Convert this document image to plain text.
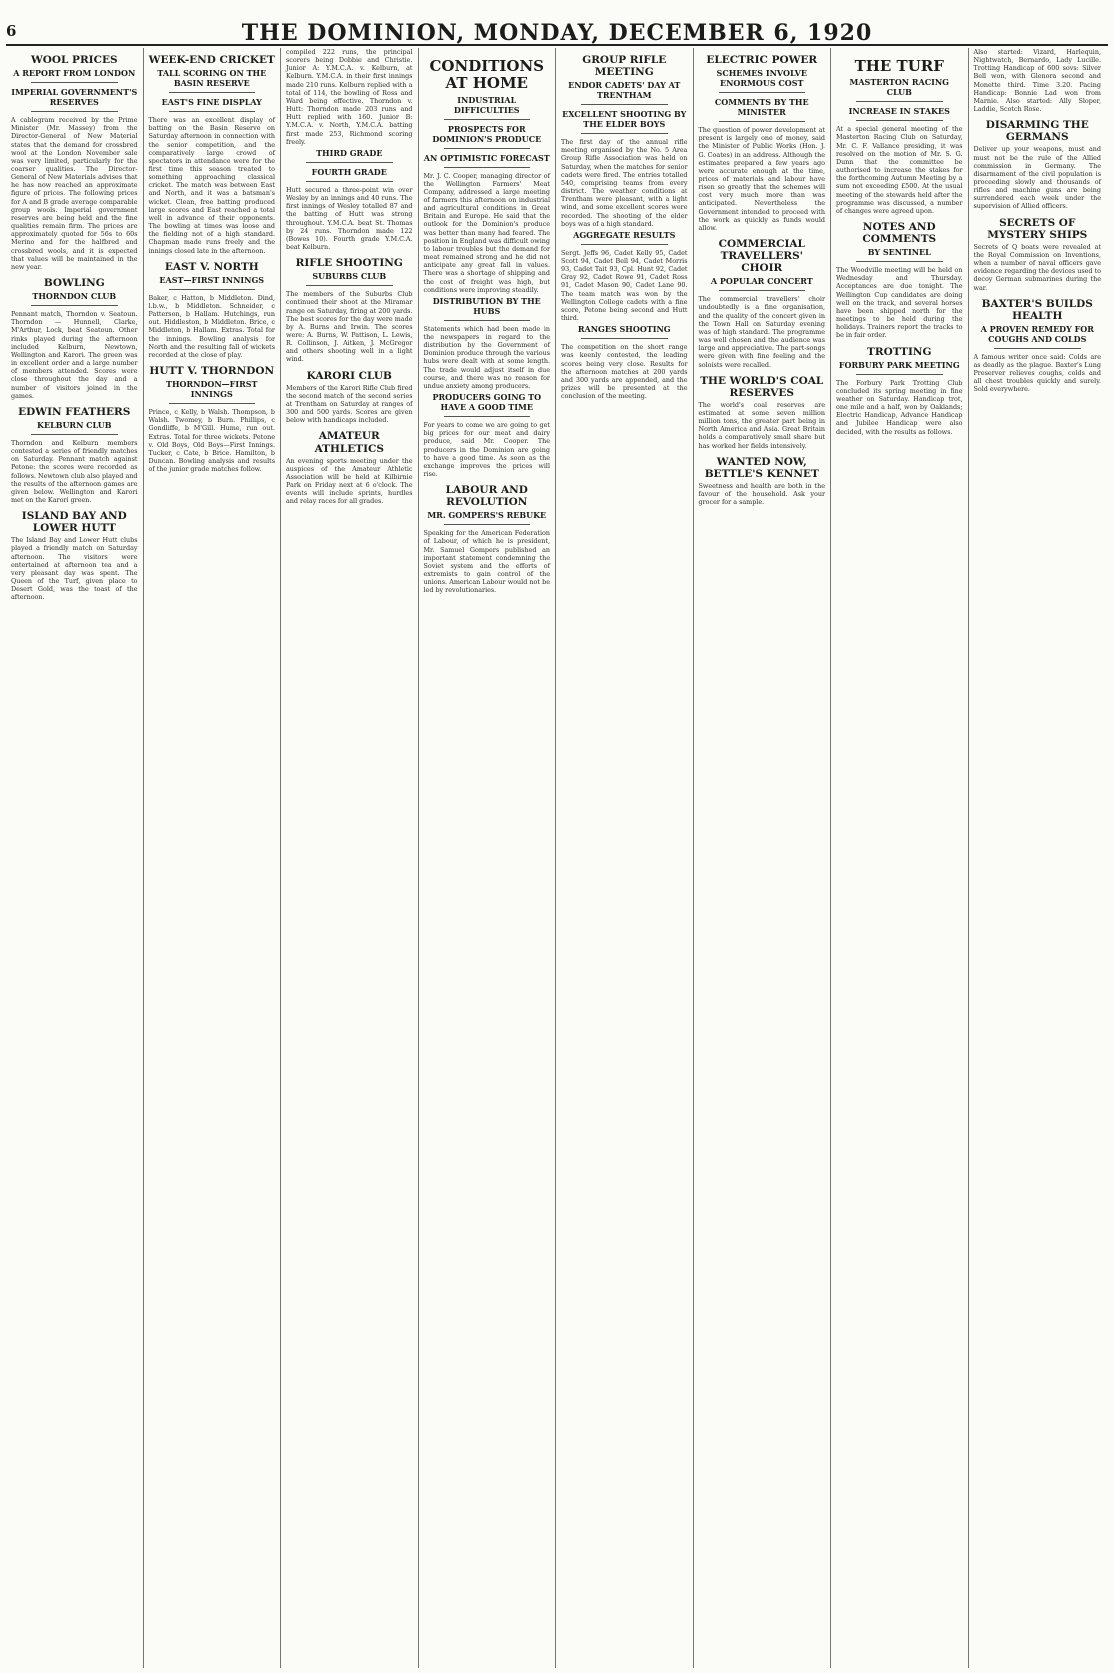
6	THE DOMINION, MONDAY, DECEMBER 6, 1920
WOOL PRICES
A REPORT FROM LONDON
IMPERIAL GOVERNMENT'S RESERVES

A cablegram received by the Prime Minister (Mr. Massey) from the Director-General of New Material states that the demand for crossbred wool at the London November sale was very limited, particularly for the coarser qualities. The Director-General of New Materials advises that he has now reached an approximate figure of prices. The following prices for A and B grade average comparable group wools. Imperial government reserves are being held and the fine qualities remain firm. The prices are approximately quoted for 56s to 60s Merino and for the halfbred and crossbred wools, and it is expected that values will be maintained in the new year.

BOWLING
THORNDON CLUB

Pennant match, Thorndon v. Seatoun. Thorndon — Hunnell, Clarke, M'Arthur, Lock, beat Seatoun. Other rinks played during the afternoon included Kelburn, Newtown, Wellington and Karori. The green was in excellent order and a large number of members attended. Scores were close throughout the day and a number of visitors joined in the games.

EDWIN FEATHERS
KELBURN CLUB

Thorndon and Kelburn members contested a series of friendly matches on Saturday. Pennant match against Petone: the scores were recorded as follows. Newtown club also played and the results of the afternoon games are given below. Wellington and Karori met on the Karori green.

ISLAND BAY AND LOWER HUTT

The Island Bay and Lower Hutt clubs played a friendly match on Saturday afternoon. The visitors were entertained at afternoon tea and a very pleasant day was spent. The Queen of the Turf, given place to Desert Gold, was the toast of the afternoon.

WEEK-END CRICKET
TALL SCORING ON THE BASIN RESERVE
EAST'S FINE DISPLAY

There was an excellent display of batting on the Basin Reserve on Saturday afternoon in connection with the senior competition, and the comparatively large crowd of spectators in attendance were for the first time this season treated to something approaching classical cricket. The match was between East and North, and it was a batsman's wicket. Clean, free batting produced large scores and East reached a total well in advance of their opponents. The bowling at times was loose and the fielding not of a high standard. Chapman made runs freely and the innings closed late in the afternoon.

EAST V. NORTH
EAST—FIRST INNINGS

Baker, c Hatton, b Middleton. Dind, l.b.w., b Middleton. Schneider, c Patterson, b Hallam. Hutchings, run out. Hiddleston, b Middleton. Brice, c Middleton, b Hallam. Extras. Total for the innings. Bowling analysis for North and the resulting fall of wickets recorded at the close of play.

HUTT V. THORNDON
THORNDON—FIRST INNINGS

Prince, c Kelly, b Walsh. Thompson, b Walsh. Twomey, b Burn. Phillips, c Gondliffe, b M'Gill. Hume, run out. Extras. Total for three wickets. Petone v. Old Boys, Old Boys—First Innings. Tucker, c Cate, b Brice. Hamilton, b Duncan. Bowling analysis and results of the junior grade matches follow.

compiled 222 runs, the principal scorers being Dobbie and Christie. Junior A: Y.M.C.A. v. Kelburn, at Kelburn. Y.M.C.A. in their first innings made 210 runs. Kelburn replied with a total of 114, the bowling of Ross and Ward being effective. Thorndon v. Hutt: Thorndon made 203 runs and Hutt replied with 160. Junior B: Y.M.C.A. v. North, Y.M.C.A. batting first made 253, Richmond scoring freely.

THIRD GRADE
FOURTH GRADE

Hutt secured a three-point win over Wesley by an innings and 40 runs. The first innings of Wesley totalled 87 and the batting of Hutt was strong throughout. Y.M.C.A. beat St. Thomas by 24 runs. Thorndon made 122 (Bowes 10). Fourth grade Y.M.C.A. beat Kelburn.

RIFLE SHOOTING
SUBURBS CLUB

The members of the Suburbs Club continued their shoot at the Miramar range on Saturday, firing at 200 yards. The best scores for the day were made by A. Burns and Irwin. The scores were: A. Burns, W. Pattison, L. Lewis, R. Collinson, J. Aitken, J. McGregor and others shooting well in a light wind.

KARORI CLUB

Members of the Karori Rifle Club fired the second match of the second series at Trentham on Saturday at ranges of 300 and 500 yards. Scores are given below with handicaps included.

AMATEUR ATHLETICS

An evening sports meeting under the auspices of the Amateur Athletic Association will be held at Kilbirnie Park on Friday next at 6 o'clock. The events will include sprints, hurdles and relay races for all grades.

CONDITIONS AT HOME
INDUSTRIAL DIFFICULTIES
PROSPECTS FOR DOMINION'S PRODUCE
AN OPTIMISTIC FORECAST

Mr. J. C. Cooper, managing director of the Wellington Farmers' Meat Company, addressed a large meeting of farmers this afternoon on industrial and agricultural conditions in Great Britain and Europe. He said that the outlook for the Dominion's produce was better than many had feared. The position in England was difficult owing to labour troubles but the demand for meat remained strong and he did not anticipate any great fall in values. There was a shortage of shipping and the cost of freight was high, but conditions were improving steadily.

DISTRIBUTION BY THE HUBS

Statements which had been made in the newspapers in regard to the distribution by the Government of Dominion produce through the various hubs were dealt with at some length. The trade would adjust itself in due course, and there was no reason for undue anxiety among producers.

PRODUCERS GOING TO HAVE A GOOD TIME

For years to come we are going to get big prices for our meat and dairy produce, said Mr. Cooper. The producers in the Dominion are going to have a good time. As soon as the exchange improves the prices will rise.

LABOUR AND REVOLUTION
MR. GOMPERS'S REBUKE

Speaking for the American Federation of Labour, of which he is president, Mr. Samuel Gompers published an important statement condemning the Soviet system and the efforts of extremists to gain control of the unions. American Labour would not be led by revolutionaries.

GROUP RIFLE MEETING
ENDOR CADETS' DAY AT TRENTHAM
EXCELLENT SHOOTING BY THE ELDER BOYS

The first day of the annual rifle meeting organised by the No. 5 Area Group Rifle Association was held on Saturday, when the matches for senior cadets were fired. The entries totalled 540, comprising teams from every district. The weather conditions at Trentham were pleasant, with a light wind, and some excellent scores were recorded. The shooting of the elder boys was of a high standard.

AGGREGATE RESULTS

Sergt. Jeffs 96, Cadet Kelly 95, Cadet Scott 94, Cadet Bell 94, Cadet Morris 93, Cadet Tait 93, Cpl. Hunt 92, Cadet Gray 92, Cadet Rowe 91, Cadet Ross 91, Cadet Mason 90, Cadet Lane 90. The team match was won by the Wellington College cadets with a fine score, Petone being second and Hutt third.

RANGES SHOOTING

The competition on the short range was keenly contested, the leading scores being very close. Results for the afternoon matches at 200 yards and 300 yards are appended, and the prizes will be presented at the conclusion of the meeting.

ELECTRIC POWER
SCHEMES INVOLVE ENORMOUS COST
COMMENTS BY THE MINISTER

The question of power development at present is largely one of money, said the Minister of Public Works (Hon. J. G. Coates) in an address. Although the estimates prepared a few years ago were accurate enough at the time, prices of materials and labour have risen so greatly that the schemes will cost very much more than was anticipated. Nevertheless the Government intended to proceed with the work as quickly as funds would allow.

COMMERCIAL TRAVELLERS' CHOIR
A POPULAR CONCERT

The commercial travellers' choir undoubtedly is a fine organisation, and the quality of the concert given in the Town Hall on Saturday evening was of high standard. The programme was well chosen and the audience was large and appreciative. The part-songs were given with fine feeling and the soloists were recalled.

THE WORLD'S COAL RESERVES

The world's coal reserves are estimated at some seven million million tons, the greater part being in North America and Asia. Great Britain holds a comparatively small share but has worked her fields intensively.

WANTED NOW, BETTLE'S KENNET

Sweetness and health are both in the favour of the household. Ask your grocer for a sample.

THE TURF
MASTERTON RACING CLUB
INCREASE IN STAKES

At a special general meeting of the Masterton Racing Club on Saturday, Mr. C. F. Vallance presiding, it was resolved on the motion of Mr. S. G. Dunn that the committee be authorised to increase the stakes for the forthcoming Autumn Meeting by a sum not exceeding £500. At the usual meeting of the stewards held after the programme was discussed, a number of changes were agreed upon.

NOTES AND COMMENTS
BY SENTINEL

The Woodville meeting will be held on Wednesday and Thursday. Acceptances are due tonight. The Wellington Cup candidates are doing well on the track, and several horses have been shipped north for the meetings to be held during the holidays. Trainers report the tracks to be in fair order.

TROTTING
FORBURY PARK MEETING

The Forbury Park Trotting Club concluded its spring meeting in fine weather on Saturday. Handicap trot, one mile and a half, won by Oaklands; Electric Handicap, Advance Handicap and Jubilee Handicap were also decided, with the results as follows.

Also started: Vizard, Harlequin, Nightwatch, Bernardo, Lady Lucille. Trotting Handicap of 600 sovs: Silver Bell won, with Glenora second and Monette third. Time 3.20. Pacing Handicap: Bonnie Lad won from Marnie. Also started: Ally Sloper, Laddie, Scotch Rose.

DISARMING THE GERMANS

Deliver up your weapons, must and must not be the rule of the Allied commission in Germany. The disarmament of the civil population is proceeding slowly and thousands of rifles and machine guns are being surrendered each week under the supervision of Allied officers.

SECRETS OF MYSTERY SHIPS

Secrets of Q boats were revealed at the Royal Commission on Inventions, when a number of naval officers gave evidence regarding the devices used to decoy German submarines during the war.

BAXTER'S BUILDS HEALTH
A PROVEN REMEDY FOR COUGHS AND COLDS

A famous writer once said: Colds are as deadly as the plague. Baxter's Lung Preserver relieves coughs, colds and all chest troubles quickly and surely. Sold everywhere.
